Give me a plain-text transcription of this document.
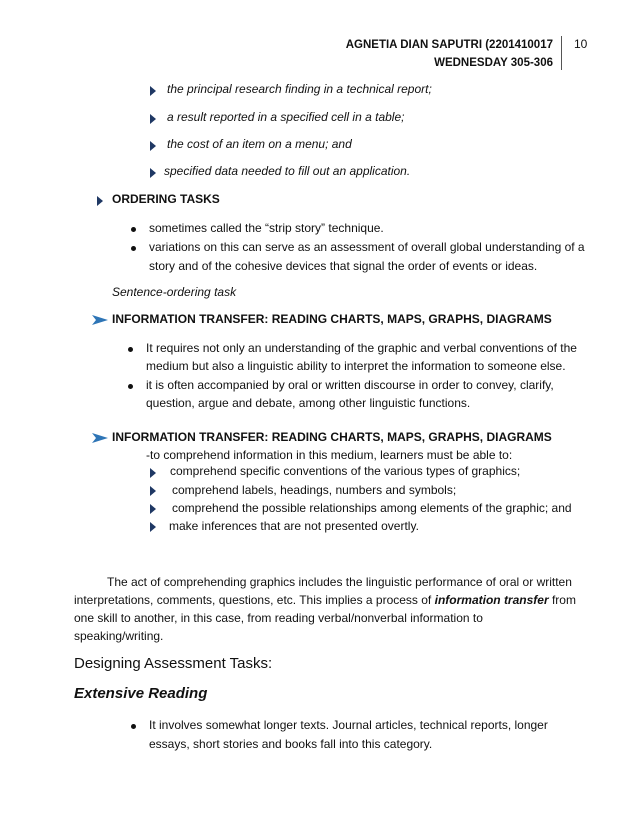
AGNETIA DIAN SAPUTRI (2201410017
WEDNESDAY 305-306
10
the principal research finding in a technical report;
a result reported in a specified cell in a table;
the cost of an item on a menu; and
specified data needed to fill out an application.
ORDERING TASKS
sometimes called the “strip story” technique.
variations on this can serve as an assessment of overall global understanding of a
story and of the cohesive devices that signal the order of events or ideas.
Sentence-ordering task
INFORMATION TRANSFER: READING CHARTS, MAPS, GRAPHS, DIAGRAMS
It requires not only an understanding of the graphic and verbal conventions of the
medium but also a linguistic ability to interpret the information to someone else.
it is often accompanied by oral or written discourse in order to convey, clarify,
question, argue and debate, among other linguistic functions.
INFORMATION TRANSFER: READING CHARTS, MAPS, GRAPHS, DIAGRAMS
-to comprehend information in this medium, learners must be able to:
comprehend specific conventions of the various types of graphics;
comprehend labels, headings, numbers and symbols;
comprehend the possible relationships among elements of the graphic; and
make inferences that are not presented overtly.
The act of comprehending graphics includes the linguistic performance of oral or written
interpretations, comments, questions, etc. This implies a process of information transfer from
one skill to another, in this case, from reading verbal/nonverbal information to
speaking/writing.
Designing Assessment Tasks:
Extensive Reading
It involves somewhat longer texts. Journal articles, technical reports, longer
essays, short stories and books fall into this category.
